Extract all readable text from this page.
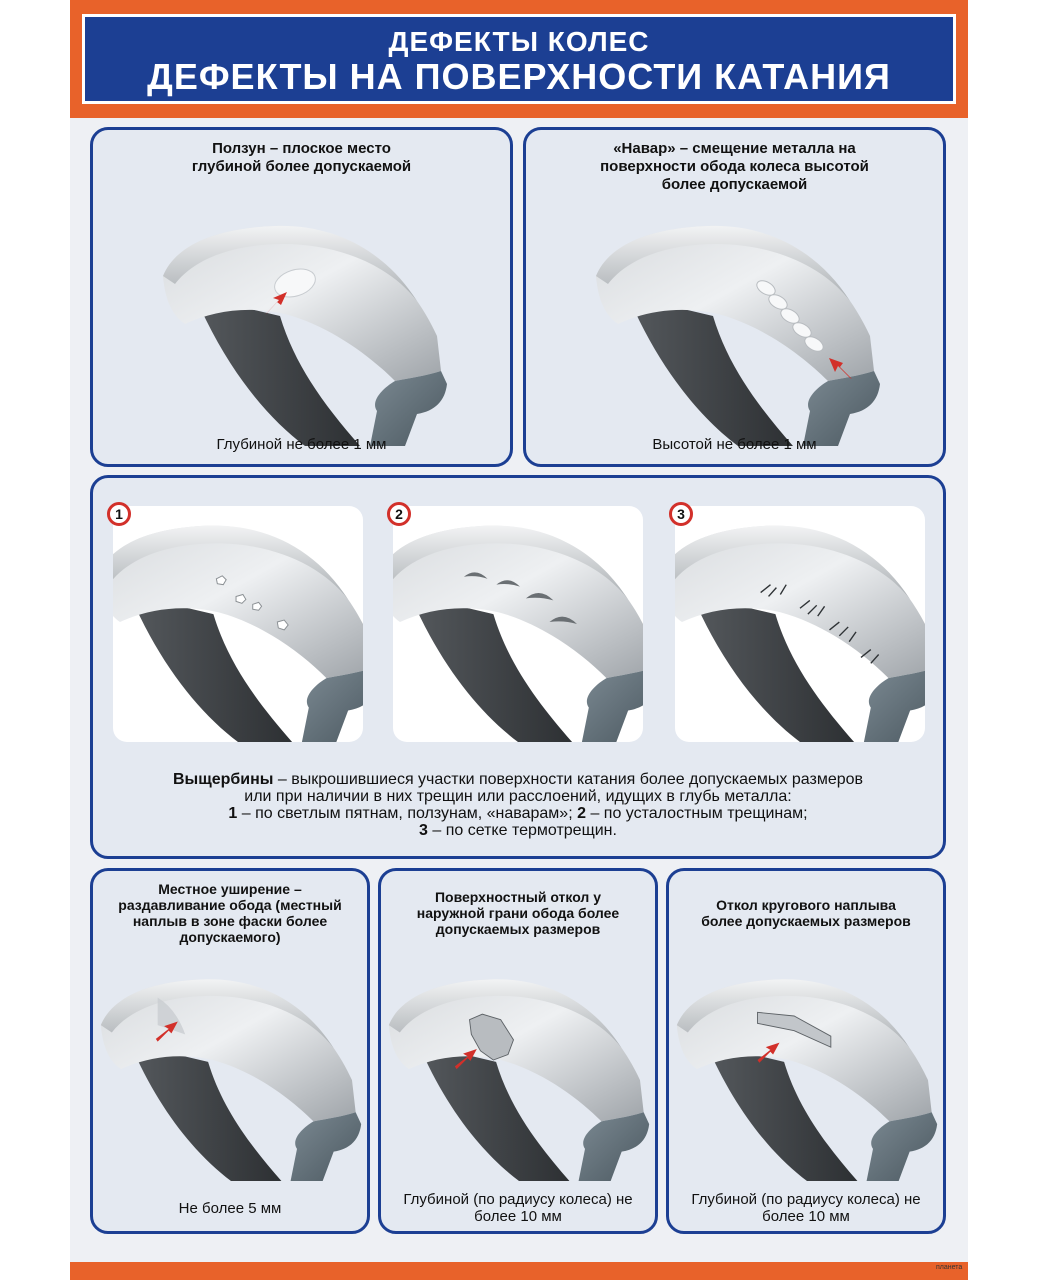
ДЕФЕКТЫ КОЛЕС
ДЕФЕКТЫ НА ПОВЕРХНОСТИ КАТАНИЯ
Ползун – плоское место глубиной более допускаемой
Глубиной не более 1 мм
«Навар» – смещение металла на поверхности обода колеса высотой более допускаемой
Высотой не более 1 мм
1	2	3
Выщербины – выкрошившиеся участки поверхности катания более допускаемых размеров
или при наличии в них трещин или расслоений, идущих в глубь металла:
1 – по светлым пятнам, ползунам, «наварам»; 2 – по усталостным трещинам;
3 – по сетке термотрещин.
Местное уширение – раздавливание обода (местный наплыв в зоне фаски более допускаемого)
Не более 5 мм
Поверхностный откол у наружной грани обода более допускаемых размеров
Глубиной (по радиусу колеса) не более 10 мм
Откол кругового наплыва более допускаемых размеров
Глубиной (по радиусу колеса) не более 10 мм
планета
